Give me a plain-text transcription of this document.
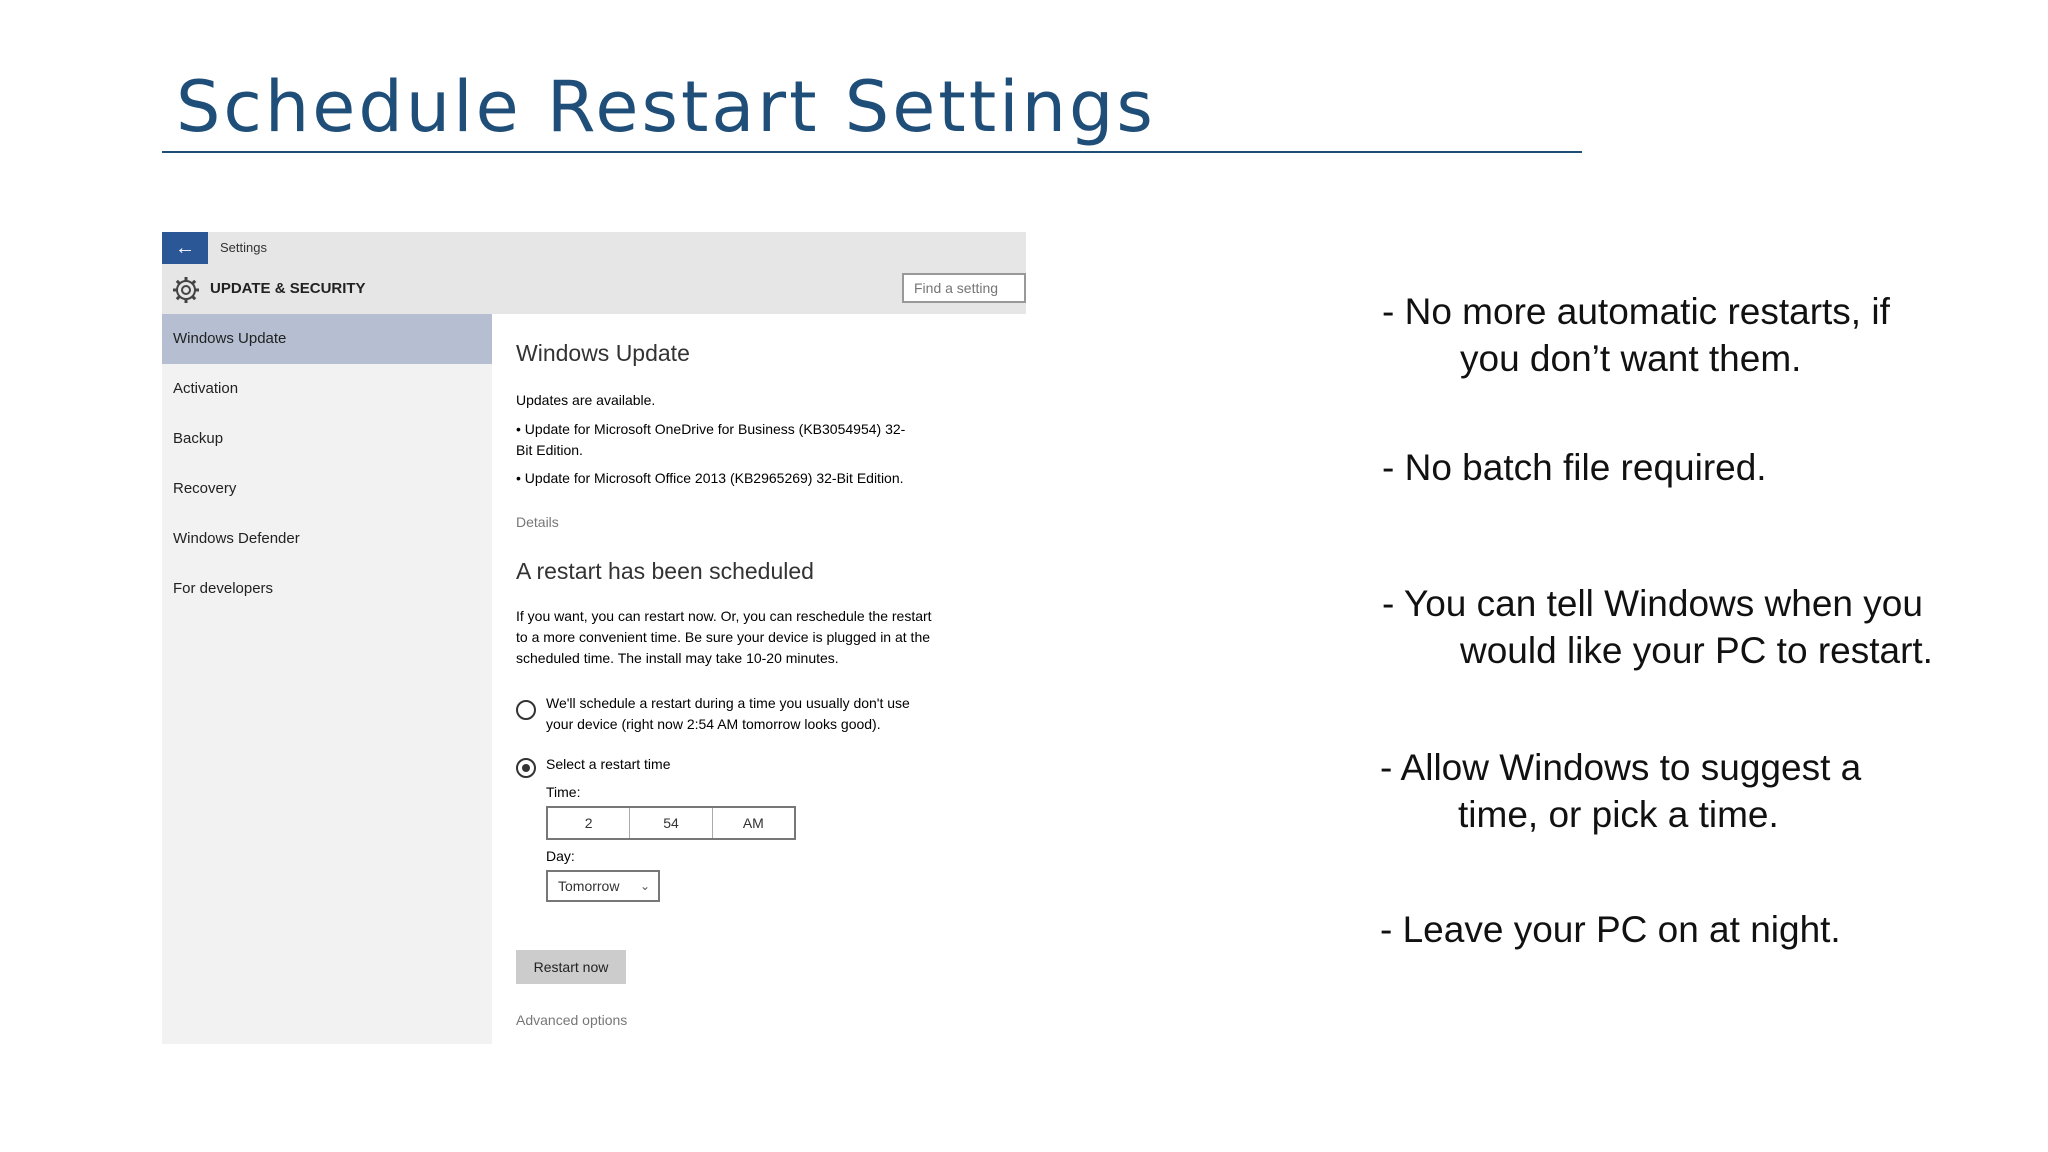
Schedule Restart Settings
← Settings
UPDATE & SECURITY
Find a setting
Windows Update
Activation
Backup
Recovery
Windows Defender
For developers
Windows Update
Updates are available.
• Update for Microsoft OneDrive for Business (KB3054954) 32-
Bit Edition.
• Update for Microsoft Office 2013 (KB2965269) 32-Bit Edition.
Details
A restart has been scheduled
If you want, you can restart now. Or, you can reschedule the restart
to a more convenient time. Be sure your device is plugged in at the
scheduled time. The install may take 10-20 minutes.
We'll schedule a restart during a time you usually don't use
your device (right now 2:54 AM tomorrow looks good).
Select a restart time
Time:
2	54	AM
Day:
Tomorrow ⌄
Restart now
Advanced options
- No more automatic restarts, if
you don’t want them.
- No batch file required.
- You can tell Windows when you
would like your PC to restart.
- Allow Windows to suggest a
time, or pick a time.
- Leave your PC on at night.
